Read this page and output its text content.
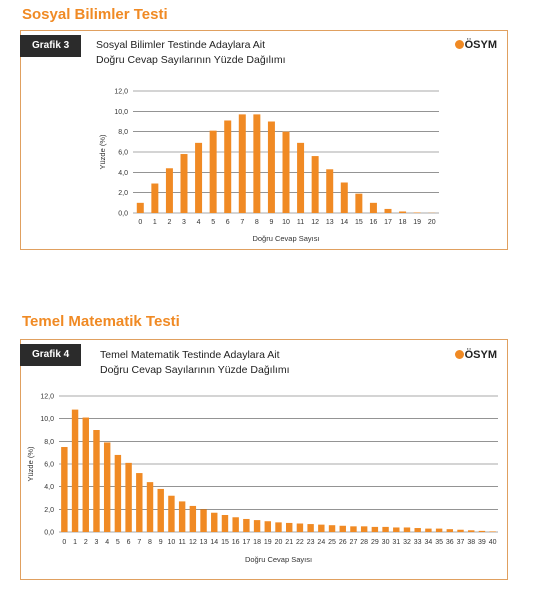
Sosyal Bilimler Testi
Grafik 3	Sosyal Bilimler Testinde Adaylara Ait
Doğru Cevap Sayılarının Yüzde Dağılımı
ÖSYM
0,0
2,0
4,0
6,0
8,0
10,0
12,0
0 1 2 3 4 5 6 7 8 9 10 11 12 13 14 15 16 17 18 19 20
Doğru Cevap Sayısı
Yüzde (%)
Temel Matematik Testi
Grafik 4	Temel Matematik Testinde Adaylara Ait
Doğru Cevap Sayılarının Yüzde Dağılımı
ÖSYM
0,0
2,0
4,0
6,0
8,0
10,0
12,0
0 1 2 3 4 5 6 7 8 9 10 11 12 13 14 15 16 17 18 19 20 21 22 23 24 25 26 27 28 29 30 31 32 33 34 35 36 37 38 39 40
Doğru Cevap Sayısı
Yüzde (%)
